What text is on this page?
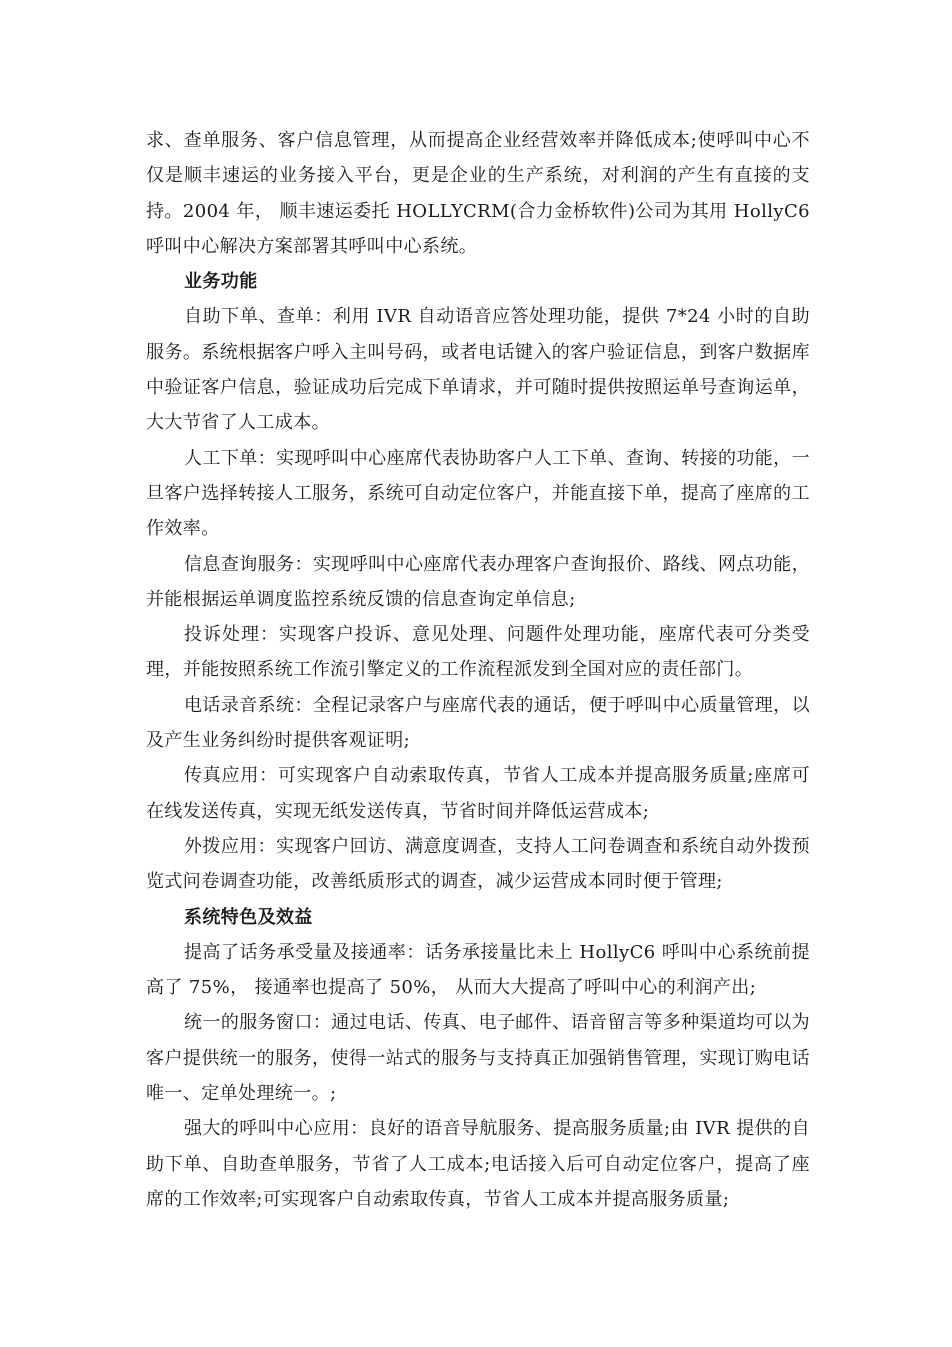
求、查单服务、客户信息管理，从而提高企业经营效率并降低成本;使呼叫中心不仅是顺丰速运的业务接入平台，更是企业的生产系统，对利润的产生有直接的支持。2004 年， 顺丰速运委托 HOLLYCRM(合力金桥软件)公司为其用 HollyC6 呼叫中心解决方案部署其呼叫中心系统。

业务功能

自助下单、查单：利用 IVR 自动语音应答处理功能，提供 7*24 小时的自助服务。系统根据客户呼入主叫号码，或者电话键入的客户验证信息，到客户数据库中验证客户信息，验证成功后完成下单请求，并可随时提供按照运单号查询运单，大大节省了人工成本。

人工下单：实现呼叫中心座席代表协助客户人工下单、查询、转接的功能，一旦客户选择转接人工服务，系统可自动定位客户，并能直接下单，提高了座席的工作效率。

信息查询服务：实现呼叫中心座席代表办理客户查询报价、路线、网点功能，并能根据运单调度监控系统反馈的信息查询定单信息;

投诉处理：实现客户投诉、意见处理、问题件处理功能，座席代表可分类受理，并能按照系统工作流引擎定义的工作流程派发到全国对应的责任部门。

电话录音系统：全程记录客户与座席代表的通话，便于呼叫中心质量管理，以及产生业务纠纷时提供客观证明;

传真应用：可实现客户自动索取传真，节省人工成本并提高服务质量;座席可在线发送传真，实现无纸发送传真，节省时间并降低运营成本;

外拨应用：实现客户回访、满意度调查，支持人工问卷调查和系统自动外拨预览式问卷调查功能，改善纸质形式的调查，减少运营成本同时便于管理;

系统特色及效益

提高了话务承受量及接通率：话务承接量比未上 HollyC6 呼叫中心系统前提高了 75%， 接通率也提高了 50%， 从而大大提高了呼叫中心的利润产出;

统一的服务窗口：通过电话、传真、电子邮件、语音留言等多种渠道均可以为客户提供统一的服务，使得一站式的服务与支持真正加强销售管理，实现订购电话唯一、定单处理统一。;

强大的呼叫中心应用：良好的语音导航服务、提高服务质量;由 IVR 提供的自助下单、自助查单服务，节省了人工成本;电话接入后可自动定位客户，提高了座席的工作效率;可实现客户自动索取传真，节省人工成本并提高服务质量;
